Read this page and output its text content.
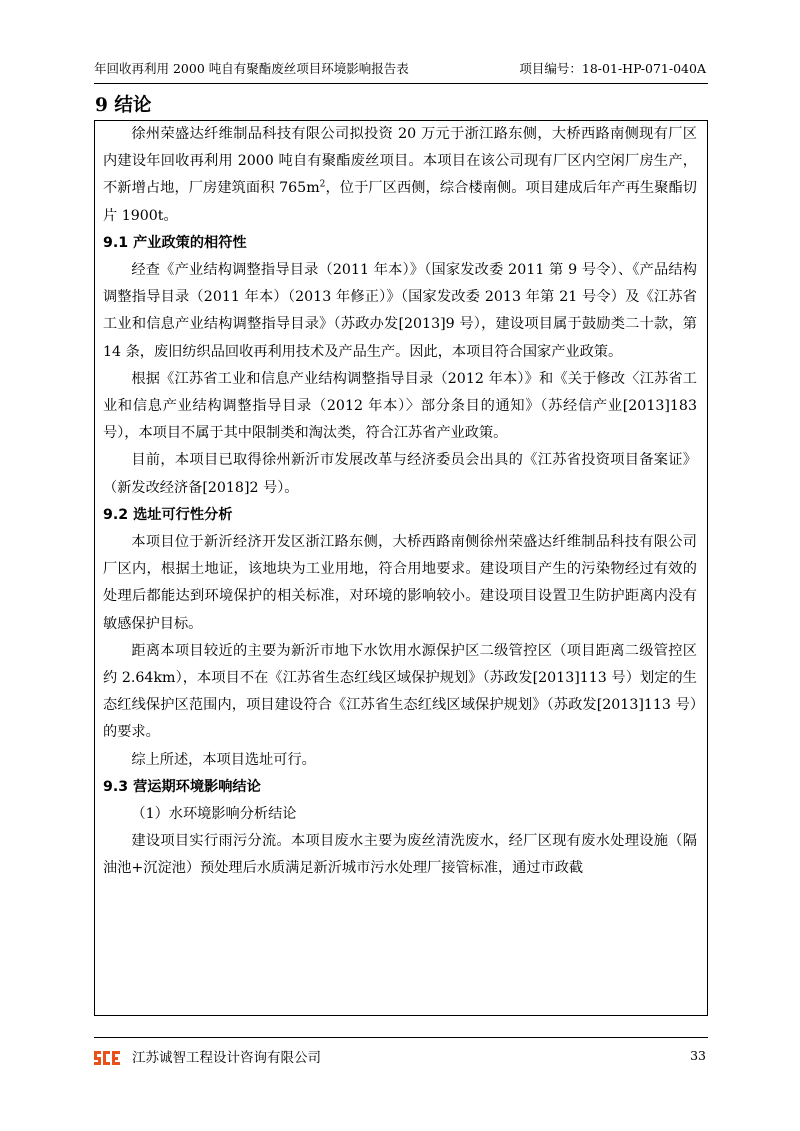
年回收再利用 2000 吨自有聚酯废丝项目环境影响报告表	项目编号：18-01-HP-071-040A
9 结论

徐州荣盛达纤维制品科技有限公司拟投资 20 万元于浙江路东侧，大桥西路南侧现有厂区内建设年回收再利用 2000 吨自有聚酯废丝项目。本项目在该公司现有厂区内空闲厂房生产，不新增占地，厂房建筑面积 $765m^2$，位于厂区西侧，综合楼南侧。项目建成后年产再生聚酯切片 1900t。

9.1 产业政策的相符性

经查《产业结构调整指导目录（2011 年本）》（国家发改委 2011 第 9 号令）、《产品结构调整指导目录（2011 年本）（2013 年修正）》（国家发改委 2013 年第 21 号令）及《江苏省工业和信息产业结构调整指导目录》（苏政办发[2013]9 号），建设项目属于鼓励类二十款，第 14 条，废旧纺织品回收再利用技术及产品生产。因此，本项目符合国家产业政策。

根据《江苏省工业和信息产业结构调整指导目录（2012 年本）》和《关于修改〈江苏省工业和信息产业结构调整指导目录（2012 年本）〉部分条目的通知》（苏经信产业[2013]183 号），本项目不属于其中限制类和淘汰类，符合江苏省产业政策。

目前，本项目已取得徐州新沂市发展改革与经济委员会出具的《江苏省投资项目备案证》（新发改经济备[2018]2 号）。

9.2 选址可行性分析

本项目位于新沂经济开发区浙江路东侧，大桥西路南侧徐州荣盛达纤维制品科技有限公司厂区内，根据土地证，该地块为工业用地，符合用地要求。建设项目产生的污染物经过有效的处理后都能达到环境保护的相关标准，对环境的影响较小。建设项目设置卫生防护距离内没有敏感保护目标。

距离本项目较近的主要为新沂市地下水饮用水源保护区二级管控区（项目距离二级管控区约 2.64km），本项目不在《江苏省生态红线区域保护规划》（苏政发[2013]113 号）划定的生态红线保护区范围内，项目建设符合《江苏省生态红线区域保护规划》（苏政发[2013]113 号）的要求。

综上所述，本项目选址可行。

9.3 营运期环境影响结论

（1）水环境影响分析结论

建设项目实行雨污分流。本项目废水主要为废丝清洗废水，经厂区现有废水处理设施（隔油池+沉淀池）预处理后水质满足新沂城市污水处理厂接管标准，通过市政截

江苏诚智工程设计咨询有限公司	33
